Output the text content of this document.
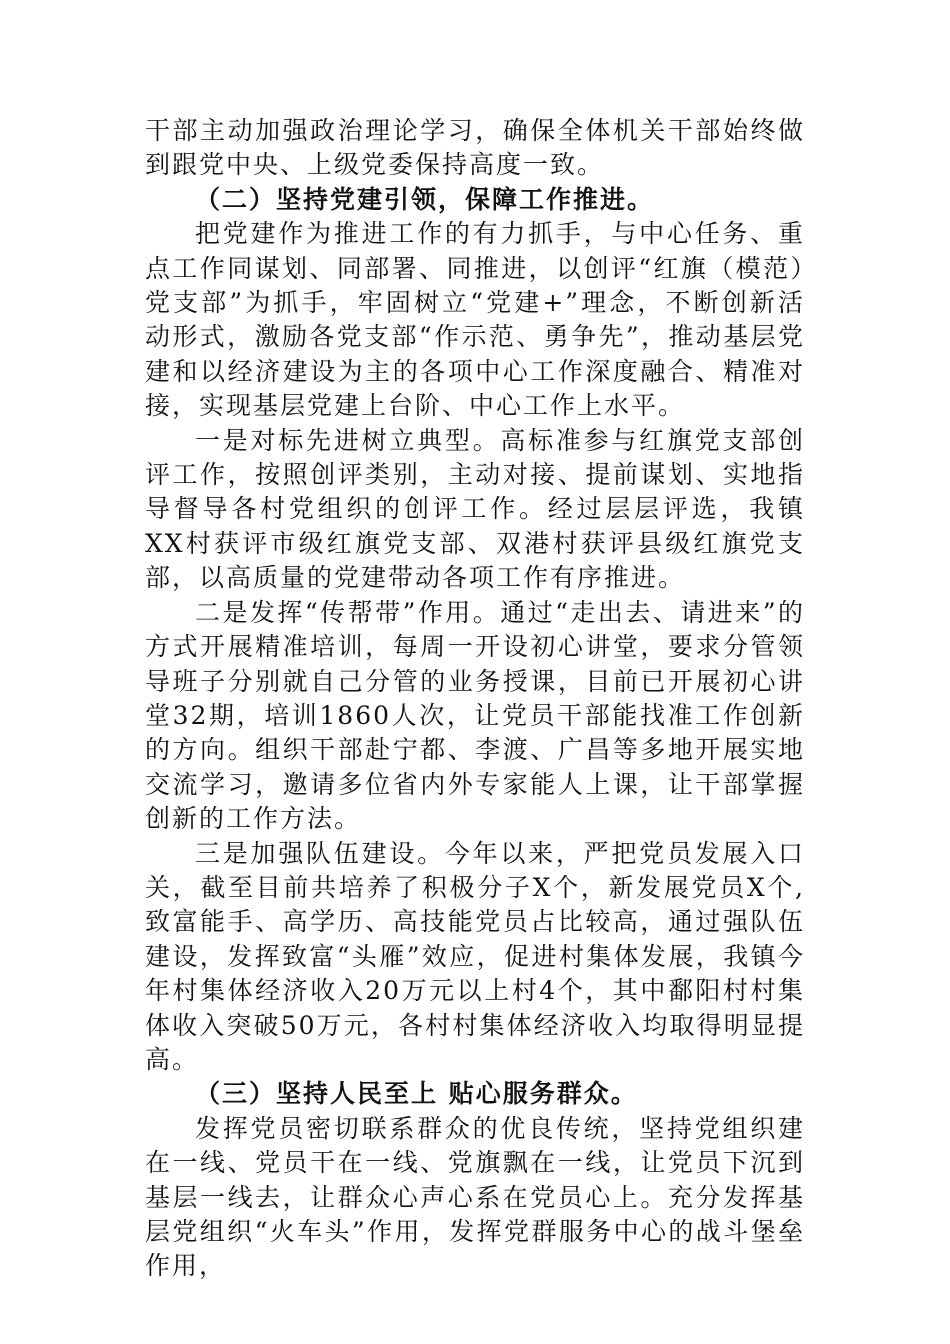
干部主动加强政治理论学习，确保全体机关干部始终做到跟党中央、上级党委保持高度一致。

（二）坚持党建引领，保障工作推进。

把党建作为推进工作的有力抓手，与中心任务、重点工作同谋划、同部署、同推进，以创评“红旗（模范）党支部”为抓手，牢固树立“党建+”理念，不断创新活动形式，激励各党支部“作示范、勇争先”，推动基层党建和以经济建设为主的各项中心工作深度融合、精准对接，实现基层党建上台阶、中心工作上水平。

一是对标先进树立典型。高标准参与红旗党支部创评工作，按照创评类别，主动对接、提前谋划、实地指导督导各村党组织的创评工作。经过层层评选，我镇XX村获评市级红旗党支部、双港村获评县级红旗党支部，以高质量的党建带动各项工作有序推进。

二是发挥“传帮带”作用。通过“走出去、请进来”的方式开展精准培训，每周一开设初心讲堂，要求分管领导班子分别就自己分管的业务授课，目前已开展初心讲堂32期，培训1860人次，让党员干部能找准工作创新的方向。组织干部赴宁都、李渡、广昌等多地开展实地交流学习，邀请多位省内外专家能人上课，让干部掌握创新的工作方法。

三是加强队伍建设。今年以来，严把党员发展入口关，截至目前共培养了积极分子X个，新发展党员X个,致富能手、高学历、高技能党员占比较高，通过强队伍建设，发挥致富“头雁”效应，促进村集体发展，我镇今年村集体经济收入20万元以上村4个，其中鄱阳村村集体收入突破50万元，各村村集体经济收入均取得明显提高。

（三）坚持人民至上 贴心服务群众。

发挥党员密切联系群众的优良传统，坚持党组织建在一线、党员干在一线、党旗飘在一线，让党员下沉到基层一线去，让群众心声心系在党员心上。充分发挥基层党组织“火车头”作用，发挥党群服务中心的战斗堡垒作用，
